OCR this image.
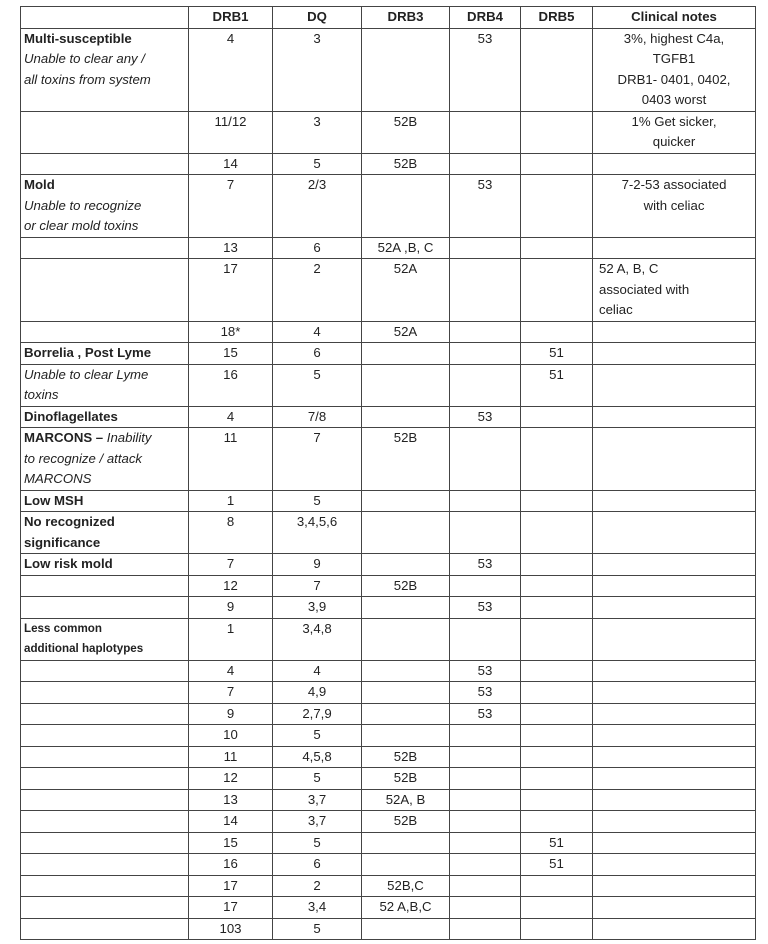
	DRB1	DQ	DRB3	DRB4	DRB5	Clinical notes

Multi-susceptible
Unable to clear any /
all toxins from system	4	3		53		3%, highest C4a,
TGFB1
DRB1- 0401, 0402,
0403 worst

	11/12	3	52B			1% Get sicker,
quicker

	14	5	52B			

Mold
Unable to recognize
or clear mold toxins	7	2/3		53		7-2-53 associated
with celiac

	13	6	52A ,B, C			
	17	2	52A			52 A, B, C
associated with
celiac

	18*	4	52A			

Borrelia , Post Lyme	15	6			51	

Unable to clear Lyme
toxins	16	5			51	

Dinoflagellates	4	7/8		53		

MARCONS – Inability
to recognize / attack
MARCONS	11	7	52B			

Low MSH	1	5				

No recognized
significance	8	3,4,5,6				

Low risk mold	7	9		53		
	12	7	52B			
	9	3,9		53		

Less common
additional haplotypes	1	3,4,8				
	4	4		53		
	7	4,9		53		
	9	2,7,9		53		
	10	5				
	11	4,5,8	52B			
	12	5	52B			
	13	3,7	52A, B			
	14	3,7	52B			
	15	5			51	
	16	6			51	
	17	2	52B,C			
	17	3,4	52 A,B,C			
	103	5				
